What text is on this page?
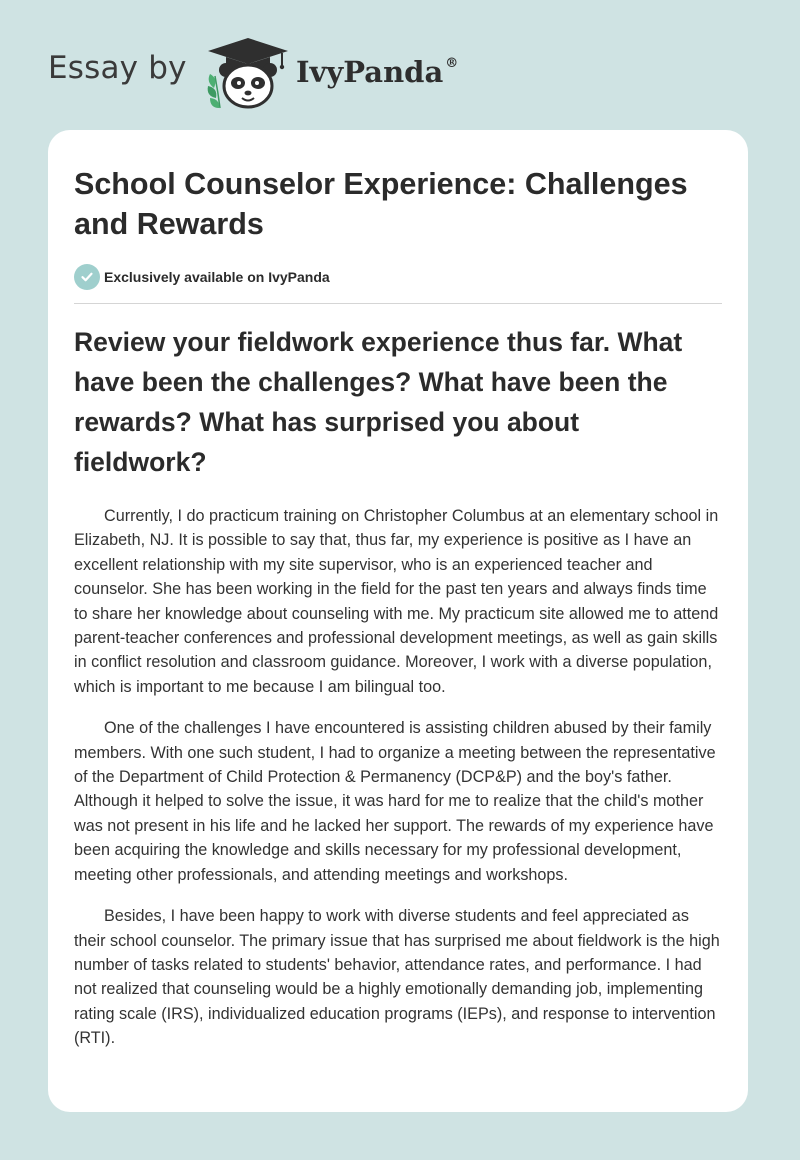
Essay by	IvyPanda ®
School Counselor Experience: Challenges and Rewards
Exclusively available on IvyPanda
Review your fieldwork experience thus far. What have been the challenges? What have been the rewards? What has surprised you about fieldwork?

Currently, I do practicum training on Christopher Columbus at an elementary school in Elizabeth, NJ. It is possible to say that, thus far, my experience is positive as I have an excellent relationship with my site supervisor, who is an experienced teacher and counselor. She has been working in the field for the past ten years and always finds time to share her knowledge about counseling with me. My practicum site allowed me to attend parent-teacher conferences and professional development meetings, as well as gain skills in conflict resolution and classroom guidance. Moreover, I work with a diverse population, which is important to me because I am bilingual too.

One of the challenges I have encountered is assisting children abused by their family members. With one such student, I had to organize a meeting between the representative of the Department of Child Protection & Permanency (DCP&P) and the boy's father. Although it helped to solve the issue, it was hard for me to realize that the child's mother was not present in his life and he lacked her support. The rewards of my experience have been acquiring the knowledge and skills necessary for my professional development, meeting other professionals, and attending meetings and workshops.

Besides, I have been happy to work with diverse students and feel appreciated as their school counselor. The primary issue that has surprised me about fieldwork is the high number of tasks related to students' behavior, attendance rates, and performance. I had not realized that counseling would be a highly emotionally demanding job, implementing rating scale (IRS), individualized education programs (IEPs), and response to intervention (RTI).
